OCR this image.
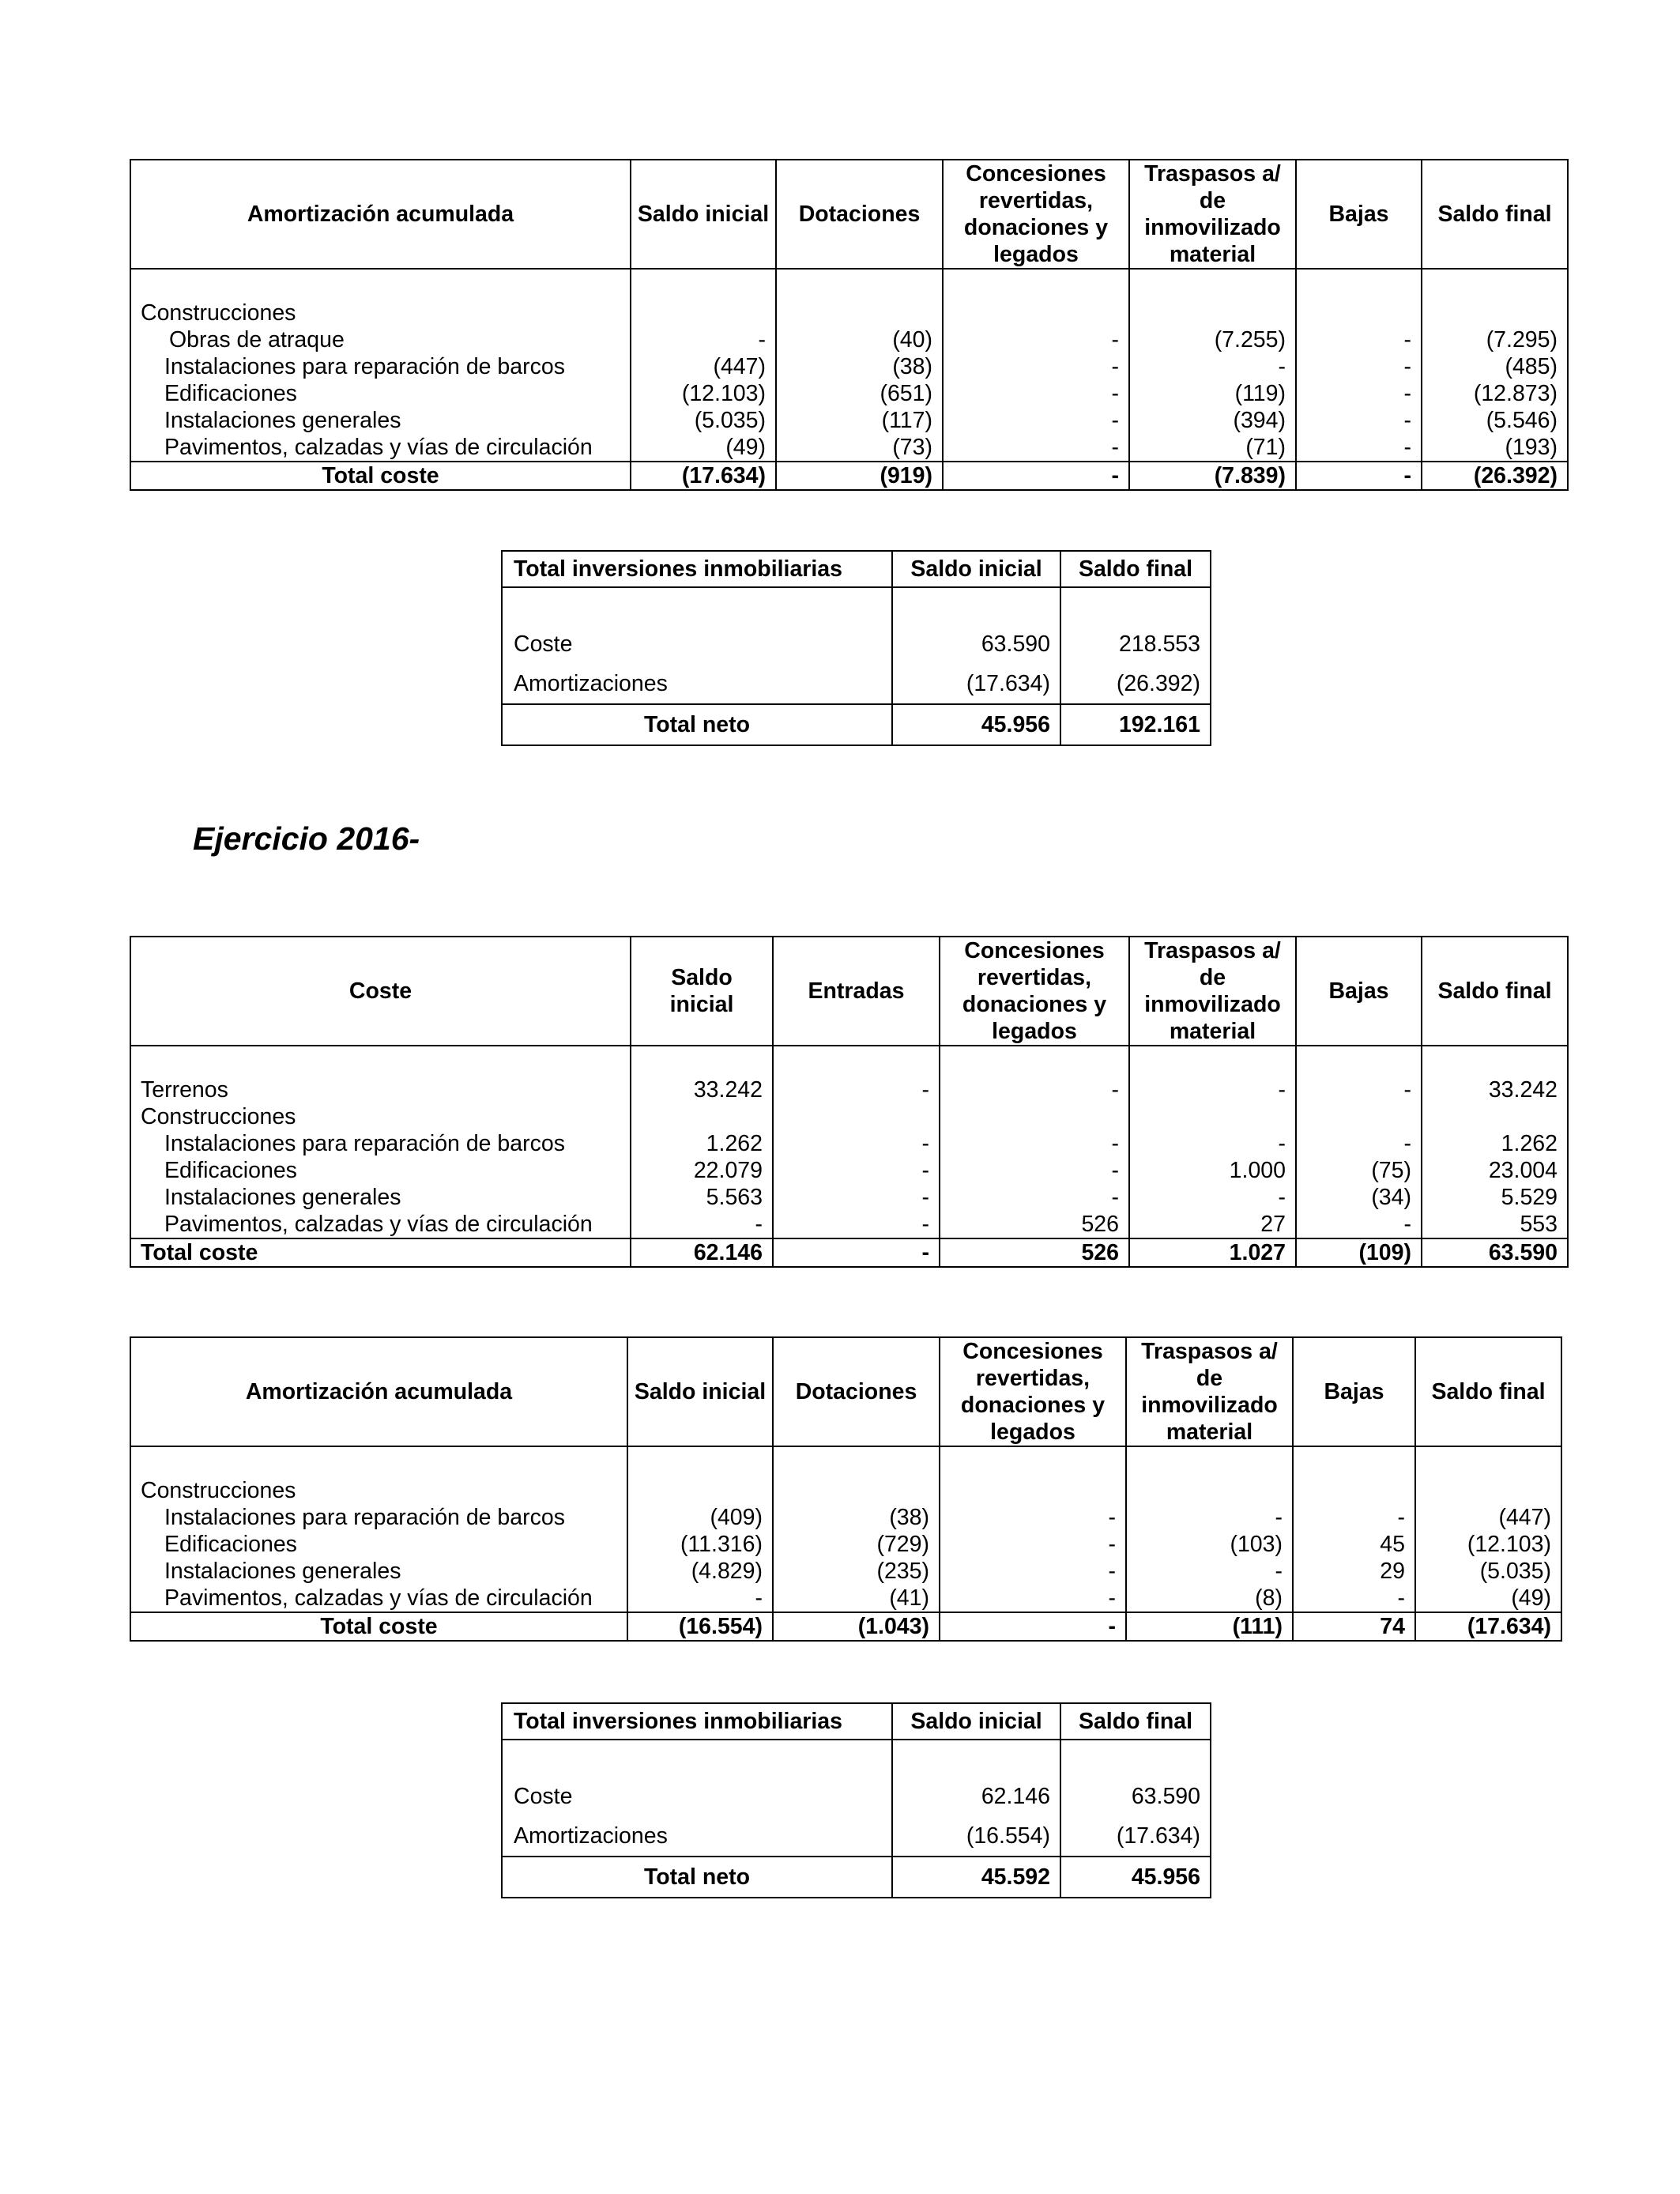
Amortización acumulada	Saldo inicial	Dotaciones	Concesiones revertidas, donaciones y legados	Traspasos a/ de inmovilizado material	Bajas	Saldo final

Construcciones						
Obras de atraque	-	(40)	-	(7.255)	-	(7.295)
Instalaciones para reparación de barcos	(447)	(38)	-	-	-	(485)
Edificaciones	(12.103)	(651)	-	(119)	-	(12.873)
Instalaciones generales	(5.035)	(117)	-	(394)	-	(5.546)
Pavimentos, calzadas y vías de circulación	(49)	(73)	-	(71)	-	(193)
Total coste	(17.634)	(919)	-	(7.839)	-	(26.392)
Total inversiones inmobiliarias	Saldo inicial	Saldo final

Coste	63.590	218.553
Amortizaciones	(17.634)	(26.392)
Total neto	45.956	192.161
Ejercicio 2016-
Coste	Saldo inicial	Entradas	Concesiones revertidas, donaciones y legados	Traspasos a/ de inmovilizado material	Bajas	Saldo final

Terrenos	33.242	-	-	-	-	33.242
Construcciones						
Instalaciones para reparación de barcos	1.262	-	-	-	-	1.262
Edificaciones	22.079	-	-	1.000	(75)	23.004
Instalaciones generales	5.563	-	-	-	(34)	5.529
Pavimentos, calzadas y vías de circulación	-	-	526	27	-	553
Total coste	62.146	-	526	1.027	(109)	63.590
Amortización acumulada	Saldo inicial	Dotaciones	Concesiones revertidas, donaciones y legados	Traspasos a/ de inmovilizado material	Bajas	Saldo final

Construcciones						
Instalaciones para reparación de barcos	(409)	(38)	-	-	-	(447)
Edificaciones	(11.316)	(729)	-	(103)	45	(12.103)
Instalaciones generales	(4.829)	(235)	-	-	29	(5.035)
Pavimentos, calzadas y vías de circulación	-	(41)	-	(8)	-	(49)
Total coste	(16.554)	(1.043)	-	(111)	74	(17.634)
Total inversiones inmobiliarias	Saldo inicial	Saldo final

Coste	62.146	63.590
Amortizaciones	(16.554)	(17.634)
Total neto	45.592	45.956
